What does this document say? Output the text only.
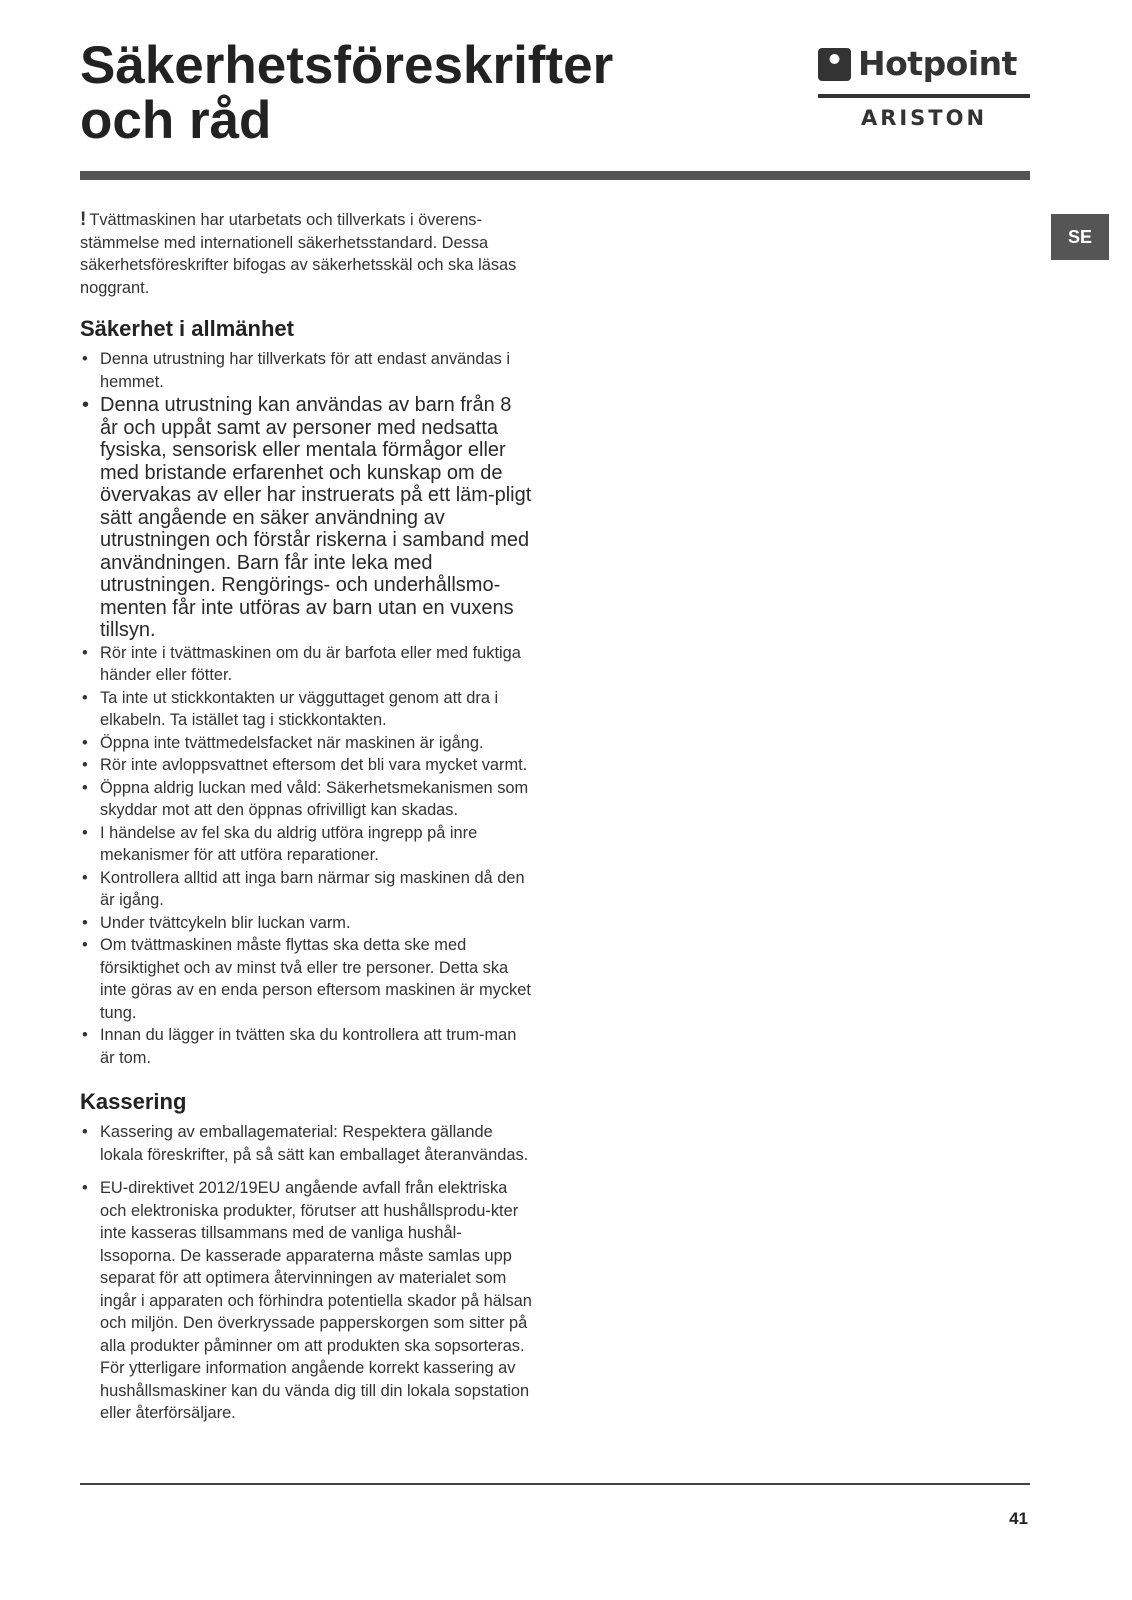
Säkerhetsföreskrifter
och råd
Hotpoint
ARISTON
SE

! Tvättmaskinen har utarbetats och tillverkats i överens-stämmelse med internationell säkerhetsstandard. Dessa säkerhetsföreskrifter bifogas av säkerhetsskäl och ska läsas noggrant.

Säkerhet i allmänhet
• Denna utrustning har tillverkats för att endast användas i hemmet.
• Denna utrustning kan användas av barn från 8 år och uppåt samt av personer med nedsatta fysiska, sensorisk eller mentala förmågor eller med bristande erfarenhet och kunskap om de övervakas av eller har instruerats på ett läm-pligt sätt angående en säker användning av utrustningen och förstår riskerna i samband med användningen. Barn får inte leka med utrustningen. Rengörings- och underhållsmo-menten får inte utföras av barn utan en vuxens tillsyn.
• Rör inte i tvättmaskinen om du är barfota eller med fuktiga händer eller fötter.
• Ta inte ut stickkontakten ur vägguttaget genom att dra i elkabeln. Ta istället tag i stickkontakten.
• Öppna inte tvättmedelsfacket när maskinen är igång.
• Rör inte avloppsvattnet eftersom det bli vara mycket varmt.
• Öppna aldrig luckan med våld: Säkerhetsmekanismen som skyddar mot att den öppnas ofrivilligt kan skadas.
• I händelse av fel ska du aldrig utföra ingrepp på inre mekanismer för att utföra reparationer.
• Kontrollera alltid att inga barn närmar sig maskinen då den är igång.
• Under tvättcykeln blir luckan varm.
• Om tvättmaskinen måste flyttas ska detta ske med försiktighet och av minst två eller tre personer. Detta ska inte göras av en enda person eftersom maskinen är mycket tung.
• Innan du lägger in tvätten ska du kontrollera att trum-man är tom.
Kassering
• Kassering av emballagematerial: Respektera gällande lokala föreskrifter, på så sätt kan emballaget återanvändas.
• EU-direktivet 2012/19EU angående avfall från elektriska och elektroniska produkter, förutser att hushållsprodu-kter inte kasseras tillsammans med de vanliga hushål-lssoporna. De kasserade apparaterna måste samlas upp separat för att optimera återvinningen av materialet som ingår i apparaten och förhindra potentiella skador på hälsan och miljön. Den överkryssade papperskorgen som sitter på alla produkter påminner om att produkten ska sopsorteras. För ytterligare information angående korrekt kassering av hushållsmaskiner kan du vända dig till din lokala sopstation eller återförsäljare.
41
